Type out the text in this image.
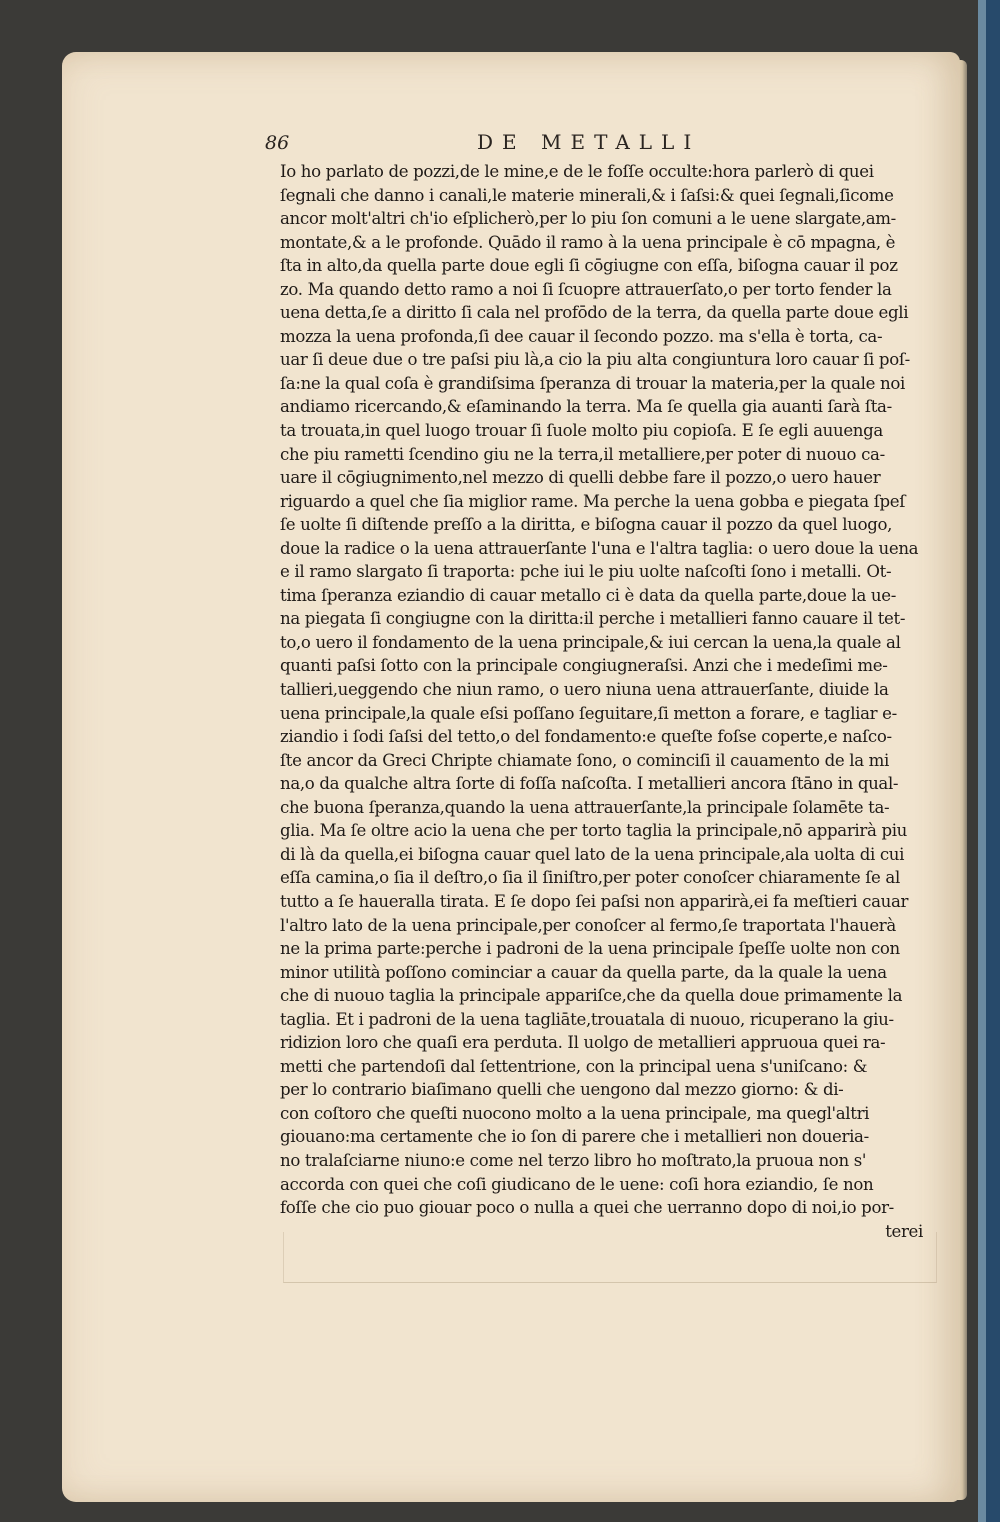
86	DE METALLI
Io ho parlato de pozzi,de le mine,e de le foſſe occulte:hora parlerò di quei
ſegnali che danno i canali,le materie minerali,& i ſaſsi:& quei ſegnali,ſicome
ancor molt'altri ch'io eſplicherò,per lo piu ſon comuni a le uene slargate,am-
montate,& a le profonde. Quādo il ramo à la uena principale è cō mpagna, è
ſta in alto,da quella parte doue egli ſi cōgiugne con eſſa, biſogna cauar il poz
zo. Ma quando detto ramo a noi ſi ſcuopre attrauerſato,o per torto fender la
uena detta,ſe a diritto ſi cala nel profōdo de la terra, da quella parte doue egli
mozza la uena profonda,ſi dee cauar il ſecondo pozzo. ma s'ella è torta, ca-
uar ſi deue due o tre paſsi piu là,a cio la piu alta congiuntura loro cauar ſi poſ-
ſa:ne la qual coſa è grandiſsima ſperanza di trouar la materia,per la quale noi
andiamo ricercando,& eſaminando la terra. Ma ſe quella gia auanti ſarà ſta-
ta trouata,in quel luogo trouar ſi ſuole molto piu copioſa. E ſe egli auuenga
che piu rametti ſcendino giu ne la terra,il metalliere,per poter di nuouo ca-
uare il cōgiugnimento,nel mezzo di quelli debbe fare il pozzo,o uero hauer
riguardo a quel che ſia miglior rame. Ma perche la uena gobba e piegata ſpeſ
ſe uolte ſi diſtende preſſo a la diritta, e biſogna cauar il pozzo da quel luogo,
doue la radice o la uena attrauerſante l'una e l'altra taglia: o uero doue la uena
e il ramo slargato ſi traporta: pche iui le piu uolte naſcoſti ſono i metalli. Ot-
tima ſperanza eziandio di cauar metallo ci è data da quella parte,doue la ue-
na piegata ſi congiugne con la diritta:il perche i metallieri fanno cauare il tet-
to,o uero il fondamento de la uena principale,& iui cercan la uena,la quale al
quanti paſsi ſotto con la principale congiugneraſsi. Anzi che i medeſimi me-
tallieri,ueggendo che niun ramo, o uero niuna uena attrauerſante, diuide la
uena principale,la quale eſsi poſſano ſeguitare,ſi metton a forare, e tagliar e-
ziandio i ſodi ſaſsi del tetto,o del fondamento:e queſte foſse coperte,e naſco-
ſte ancor da Greci Chripte chiamate ſono, o cominciſi il cauamento de la mi
na,o da qualche altra ſorte di foſſa naſcoſta. I metallieri ancora ſtāno in qual-
che buona ſperanza,quando la uena attrauerſante,la principale ſolamēte ta-
glia. Ma ſe oltre acio la uena che per torto taglia la principale,nō apparirà piu
di là da quella,ei biſogna cauar quel lato de la uena principale,ala uolta di cui
eſſa camina,o ſia il deſtro,o ſia il ſiniſtro,per poter conoſcer chiaramente ſe al
tutto a ſe haueralla tirata. E ſe dopo ſei paſsi non apparirà,ei fa meſtieri cauar
l'altro lato de la uena principale,per conoſcer al fermo,ſe traportata l'hauerà
ne la prima parte:perche i padroni de la uena principale ſpeſſe uolte non con
minor utilità poſſono cominciar a cauar da quella parte, da la quale la uena
che di nuouo taglia la principale appariſce,che da quella doue primamente la
taglia. Et i padroni de la uena tagliāte,trouatala di nuouo, ricuperano la giu-
ridizion loro che quaſi era perduta. Il uolgo de metallieri appruoua quei ra-
metti che partendoſi dal ſettentrione, con la principal uena s'uniſcano: &
per lo contrario biaſimano quelli che uengono dal mezzo giorno: & di-
con coſtoro che queſti nuocono molto a la uena principale, ma quegl'altri
giouano:ma certamente che io ſon di parere che i metallieri non doueria-
no tralaſciarne niuno:e come nel terzo libro ho moſtrato,la pruoua non s'
accorda con quei che coſi giudicano de le uene: coſi hora eziandio, ſe non
foſſe che cio puo giouar poco o nulla a quei che uerranno dopo di noi,io por-
terei
